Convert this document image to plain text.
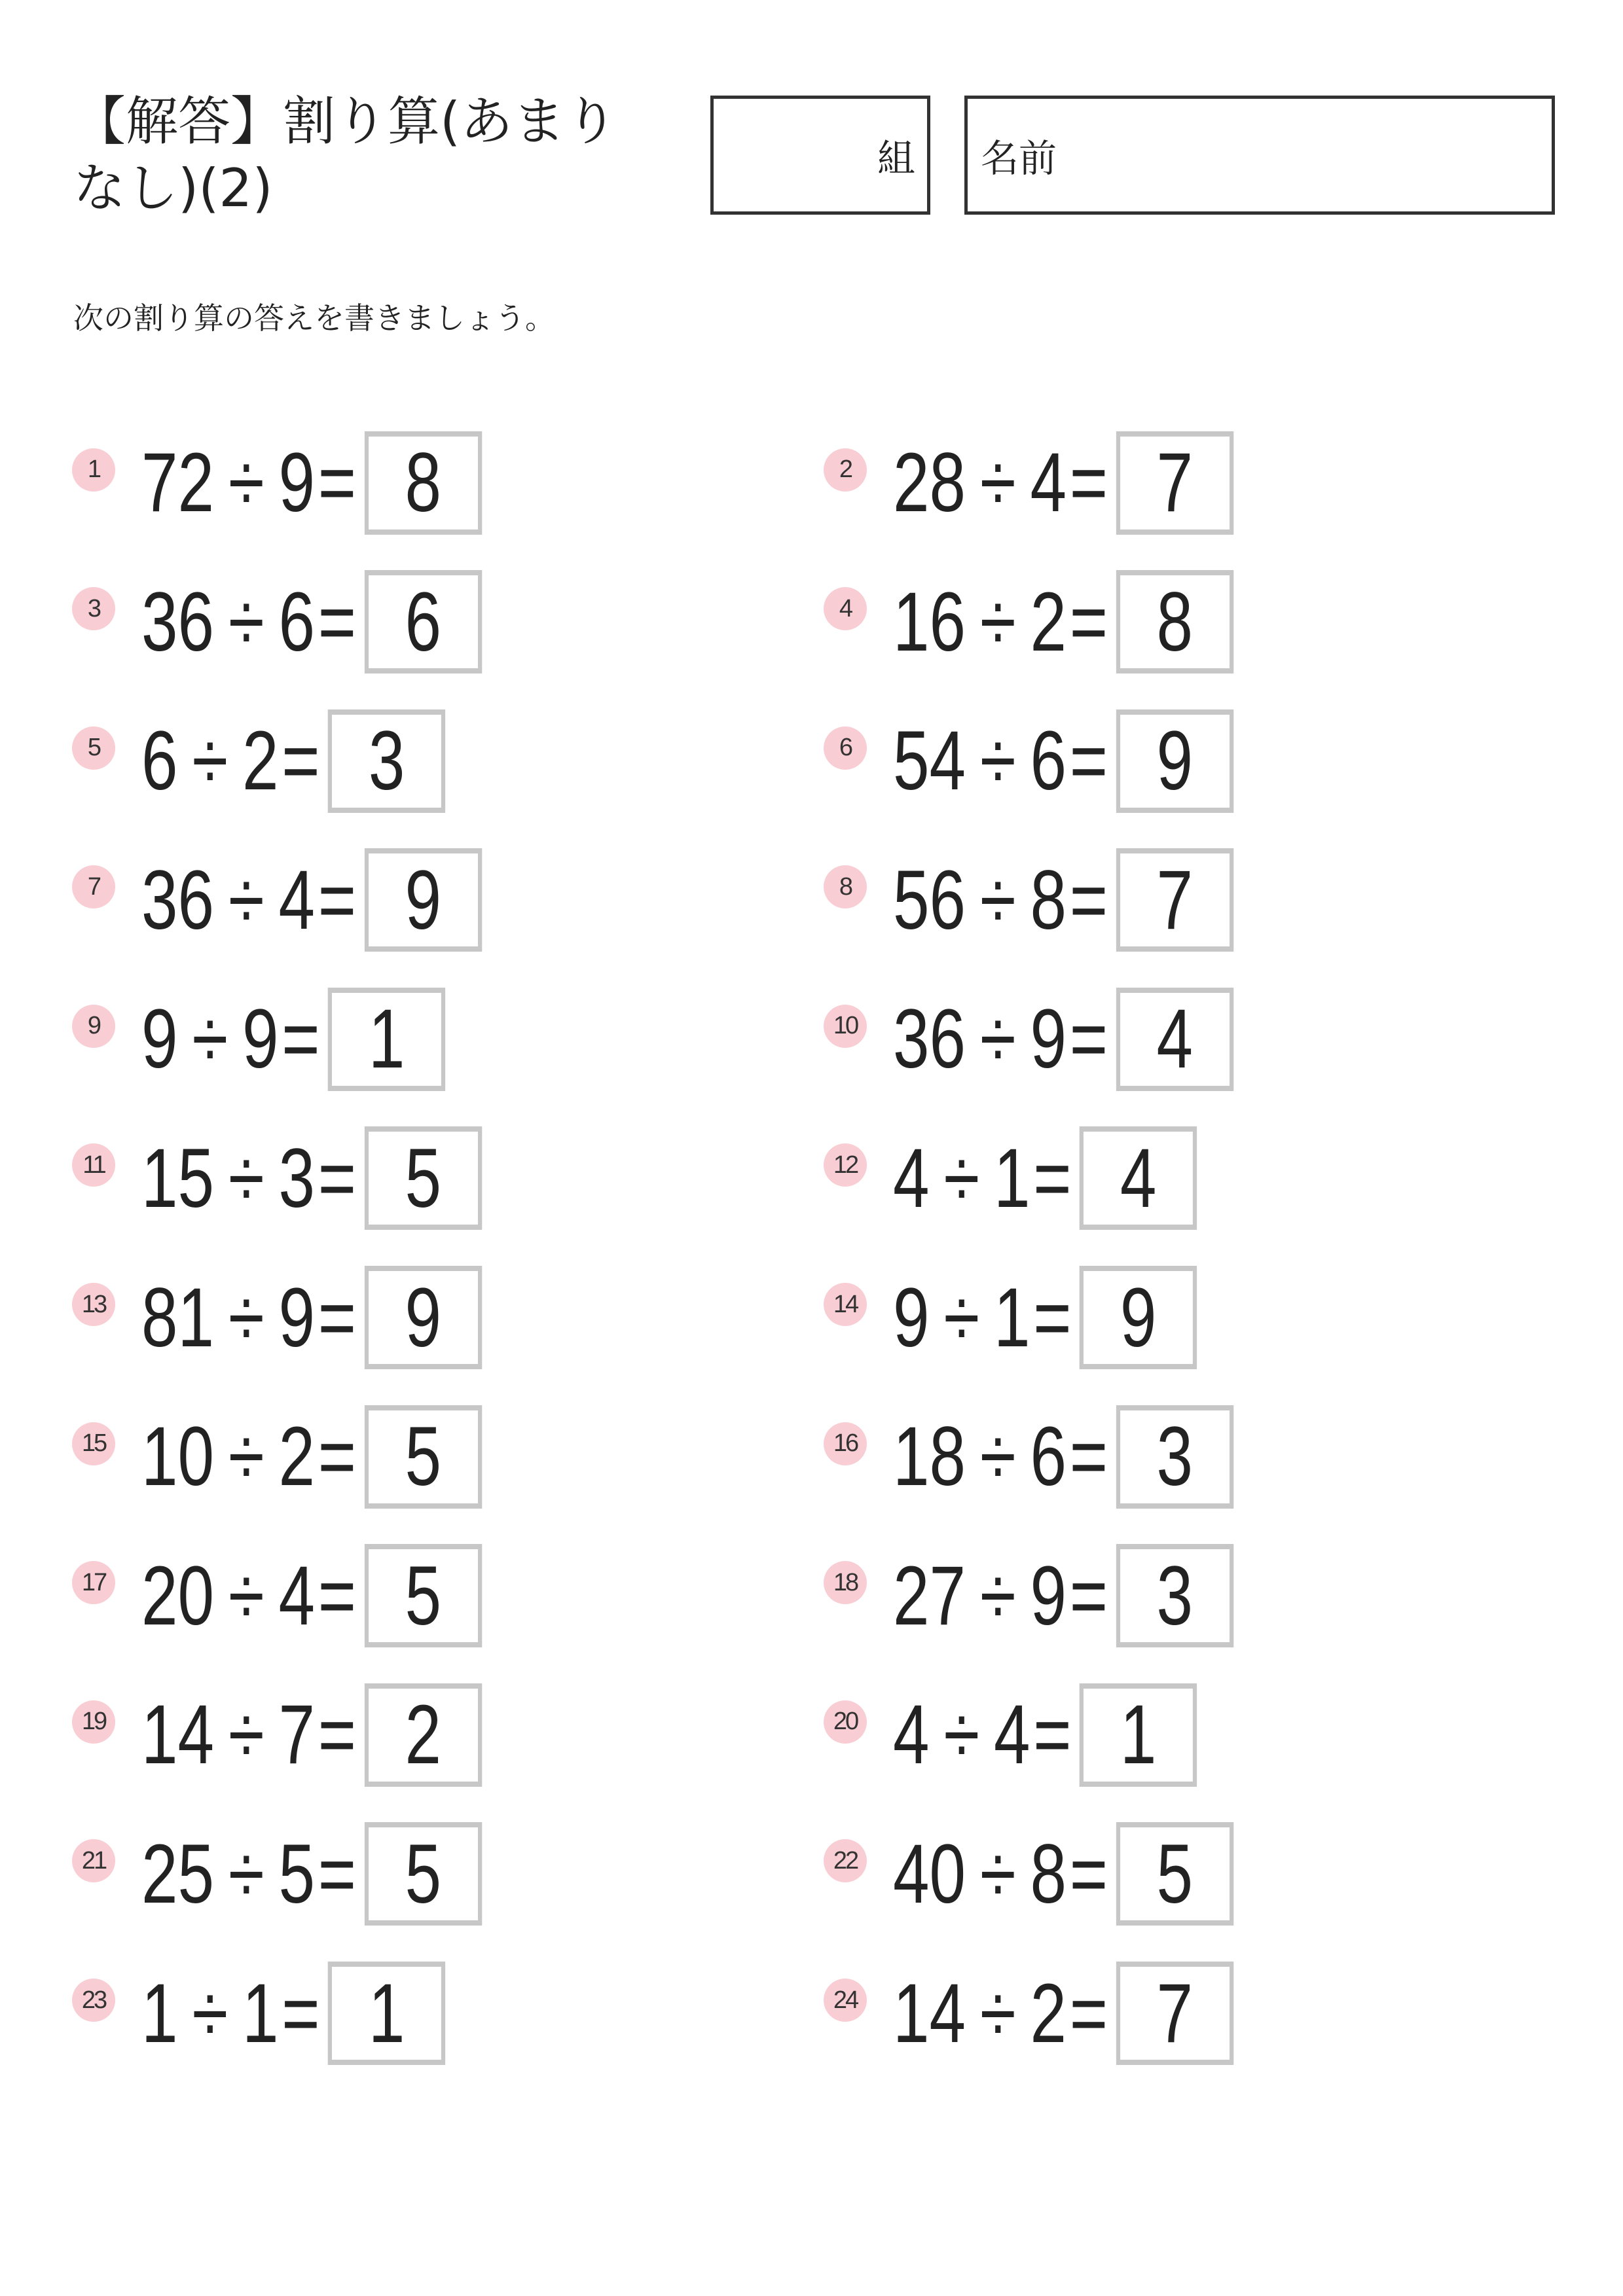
【解答】割り算(あまりなし)(2)	組 名前
次の割り算の答えを書きましょう。
1 72 ÷ 9 = 8
3 36 ÷ 6 = 6
5 6 ÷ 2 = 3
7 36 ÷ 4 = 9
9 9 ÷ 9 = 1
11 15 ÷ 3 = 5
13 81 ÷ 9 = 9
15 10 ÷ 2 = 5
17 20 ÷ 4 = 5
19 14 ÷ 7 = 2
21 25 ÷ 5 = 5
23 1 ÷ 1 = 1
2 28 ÷ 4 = 7
4 16 ÷ 2 = 8
6 54 ÷ 6 = 9
8 56 ÷ 8 = 7
10 36 ÷ 9 = 4
12 4 ÷ 1 = 4
14 9 ÷ 1 = 9
16 18 ÷ 6 = 3
18 27 ÷ 9 = 3
20 4 ÷ 4 = 1
22 40 ÷ 8 = 5
24 14 ÷ 2 = 7
